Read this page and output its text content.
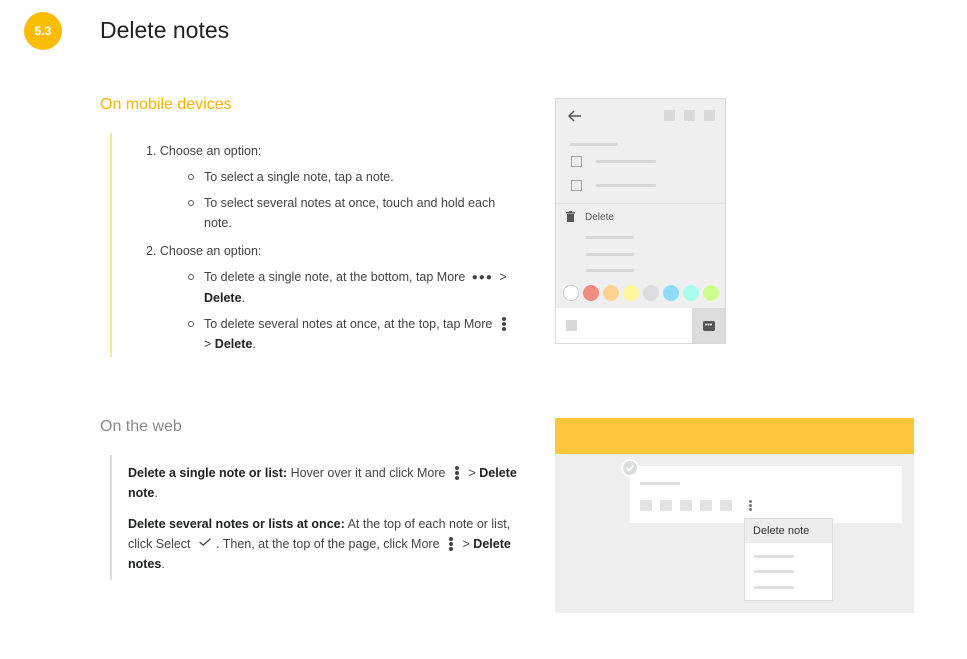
5.3	Delete notes
On mobile devices

1. Choose an option:

To select a single note, tap a note.
To select several notes at once, touch and hold each note.

2. Choose an option:

To delete a single note, at the bottom, tap More ●●● >
Delete.
To delete several notes at once, at the top, tap More

> Delete.
Delete
•••
On the web

Delete a single note or list: Hover over it and click More > Delete note.

Delete several notes or lists at once: At the top of each note or list, click Select . Then, at the top of the page, click More > Delete notes.

Delete note
